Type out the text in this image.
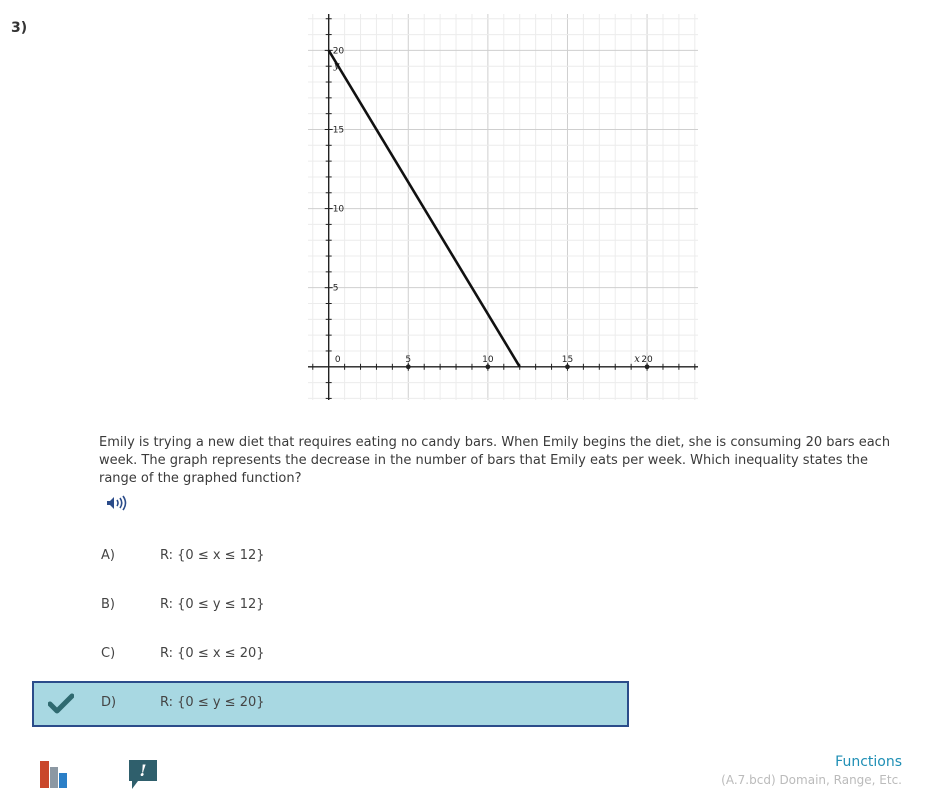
3)
0	5	10	15	20
5
10
15
20
x
y
Emily is trying a new diet that requires eating no candy bars. When Emily begins the diet, she is consuming 20 bars each week. The graph represents the decrease in the number of bars that Emily eats per week. Which inequality states the range of the graphed function?
A)	R: {0 ≤ x ≤ 12}
B)	R: {0 ≤ y ≤ 12}
C)	R: {0 ≤ x ≤ 20}
D)	R: {0 ≤ y ≤ 20}
!	Functions
(A.7.bcd) Domain, Range, Etc.
